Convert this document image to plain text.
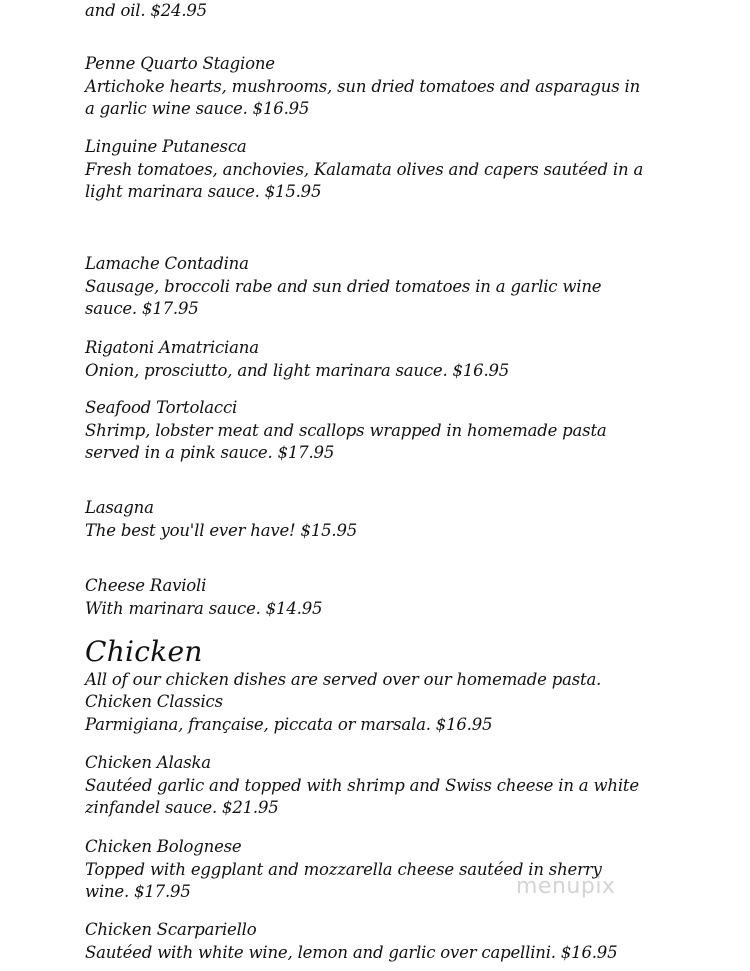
and oil. $24.95
Penne Quarto Stagione
Artichoke hearts, mushrooms, sun dried tomatoes and asparagus in a garlic wine sauce. $16.95
Linguine Putanesca
Fresh tomatoes, anchovies, Kalamata olives and capers sautéed in a light marinara sauce. $15.95
Lamache Contadina
Sausage, broccoli rabe and sun dried tomatoes in a garlic wine sauce. $17.95
Rigatoni Amatriciana
Onion, prosciutto, and light marinara sauce. $16.95
Seafood Tortolacci
Shrimp, lobster meat and scallops wrapped in homemade pasta served in a pink sauce. $17.95
Lasagna
The best you'll ever have! $15.95
Cheese Ravioli
With marinara sauce. $14.95
Chicken
All of our chicken dishes are served over our homemade pasta.
Chicken Classics
Parmigiana, française, piccata or marsala. $16.95
Chicken Alaska
Sautéed garlic and topped with shrimp and Swiss cheese in a white zinfandel sauce. $21.95
Chicken Bolognese
Topped with eggplant and mozzarella cheese sautéed in sherry wine. $17.95
Chicken Scarpariello
Sautéed with white wine, lemon and garlic over capellini. $16.95
menupix
